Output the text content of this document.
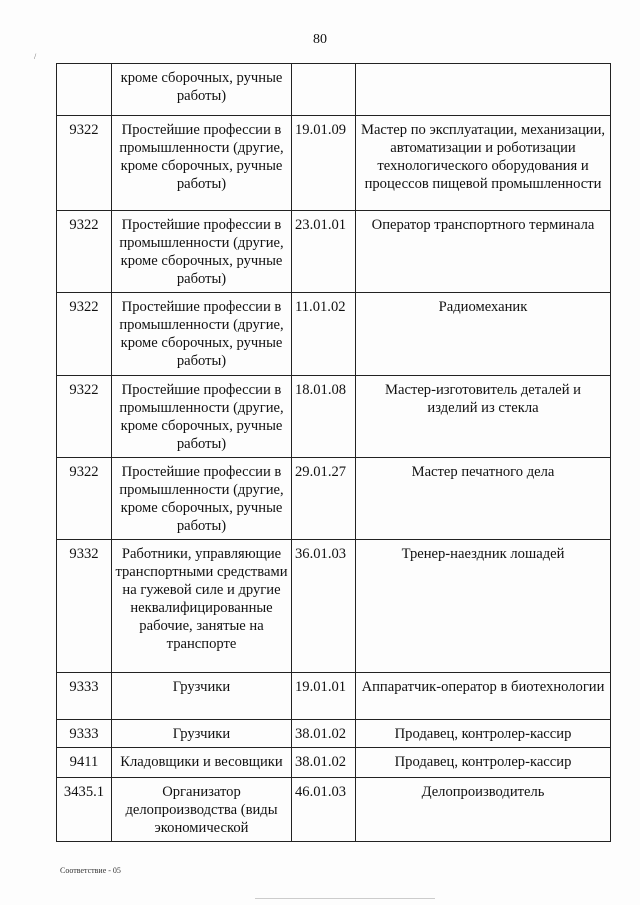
80
/
	кроме сборочных, ручные работы)		
9322	Простейшие профессии в промышленности (другие, кроме сборочных, ручные работы)	19.01.09	Мастер по эксплуатации, механизации, автоматизации и роботизации технологического оборудования и процессов пищевой промышленности
9322	Простейшие профессии в промышленности (другие, кроме сборочных, ручные работы)	23.01.01	Оператор транспортного терминала
9322	Простейшие профессии в промышленности (другие, кроме сборочных, ручные работы)	11.01.02	Радиомеханик
9322	Простейшие профессии в промышленности (другие, кроме сборочных, ручные работы)	18.01.08	Мастер-изготовитель деталей и изделий из стекла
9322	Простейшие профессии в промышленности (другие, кроме сборочных, ручные работы)	29.01.27	Мастер печатного дела
9332	Работники, управляющие транспортными средствами на гужевой силе и другие неквалифицированные рабочие, занятые на транспорте	36.01.03	Тренер-наездник лошадей
9333	Грузчики	19.01.01	Аппаратчик-оператор в биотехнологии
9333	Грузчики	38.01.02	Продавец, контролер-кассир
9411	Кладовщики и весовщики	38.01.02	Продавец, контролер-кассир
3435.1	Организатор делопроизводства (виды экономической	46.01.03	Делопроизводитель
Соответствие - 05
